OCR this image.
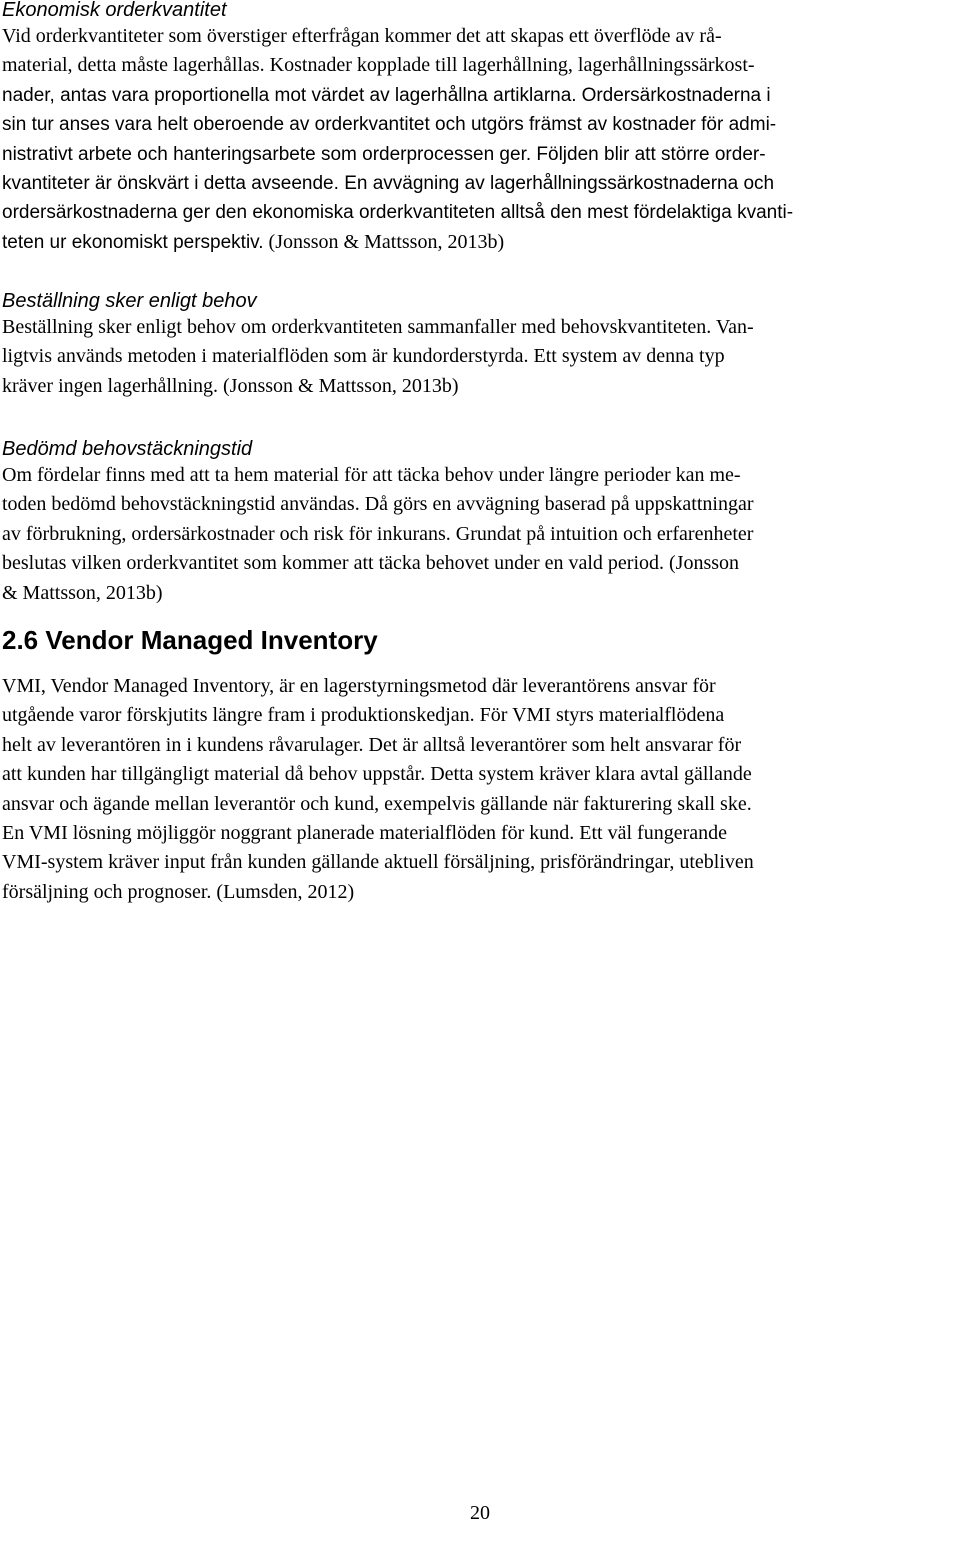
Ekonomisk orderkvantitet
Vid orderkvantiteter som överstiger efterfrågan kommer det att skapas ett överflöde av rå-
material, detta måste lagerhållas. Kostnader kopplade till lagerhållning, lagerhållningssärkost-
nader, antas vara proportionella mot värdet av lagerhållna artiklarna. Ordersärkostnaderna i
sin tur anses vara helt oberoende av orderkvantitet och utgörs främst av kostnader för admi-
nistrativt arbete och hanteringsarbete som orderprocessen ger. Följden blir att större order-
kvantiteter är önskvärt i detta avseende. En avvägning av lagerhållningssärkostnaderna och
ordersärkostnaderna ger den ekonomiska orderkvantiteten alltså den mest fördelaktiga kvanti-
teten ur ekonomiskt perspektiv. (Jonsson & Mattsson, 2013b)
Beställning sker enligt behov
Beställning sker enligt behov om orderkvantiteten sammanfaller med behovskvantiteten. Van-
ligtvis används metoden i materialflöden som är kundorderstyrda. Ett system av denna typ
kräver ingen lagerhållning. (Jonsson & Mattsson, 2013b)
Bedömd behovstäckningstid
Om fördelar finns med att ta hem material för att täcka behov under längre perioder kan me-
toden bedömd behovstäckningstid användas. Då görs en avvägning baserad på uppskattningar
av förbrukning, ordersärkostnader och risk för inkurans. Grundat på intuition och erfarenheter
beslutas vilken orderkvantitet som kommer att täcka behovet under en vald period. (Jonsson
& Mattsson, 2013b)
2.6 Vendor Managed Inventory
VMI, Vendor Managed Inventory, är en lagerstyrningsmetod där leverantörens ansvar för
utgående varor förskjutits längre fram i produktionskedjan. För VMI styrs materialflödena
helt av leverantören in i kundens råvarulager. Det är alltså leverantörer som helt ansvarar för
att kunden har tillgängligt material då behov uppstår. Detta system kräver klara avtal gällande
ansvar och ägande mellan leverantör och kund, exempelvis gällande när fakturering skall ske.
En VMI lösning möjliggör noggrant planerade materialflöden för kund. Ett väl fungerande
VMI-system kräver input från kunden gällande aktuell försäljning, prisförändringar, utebliven
försäljning och prognoser. (Lumsden, 2012)
20
